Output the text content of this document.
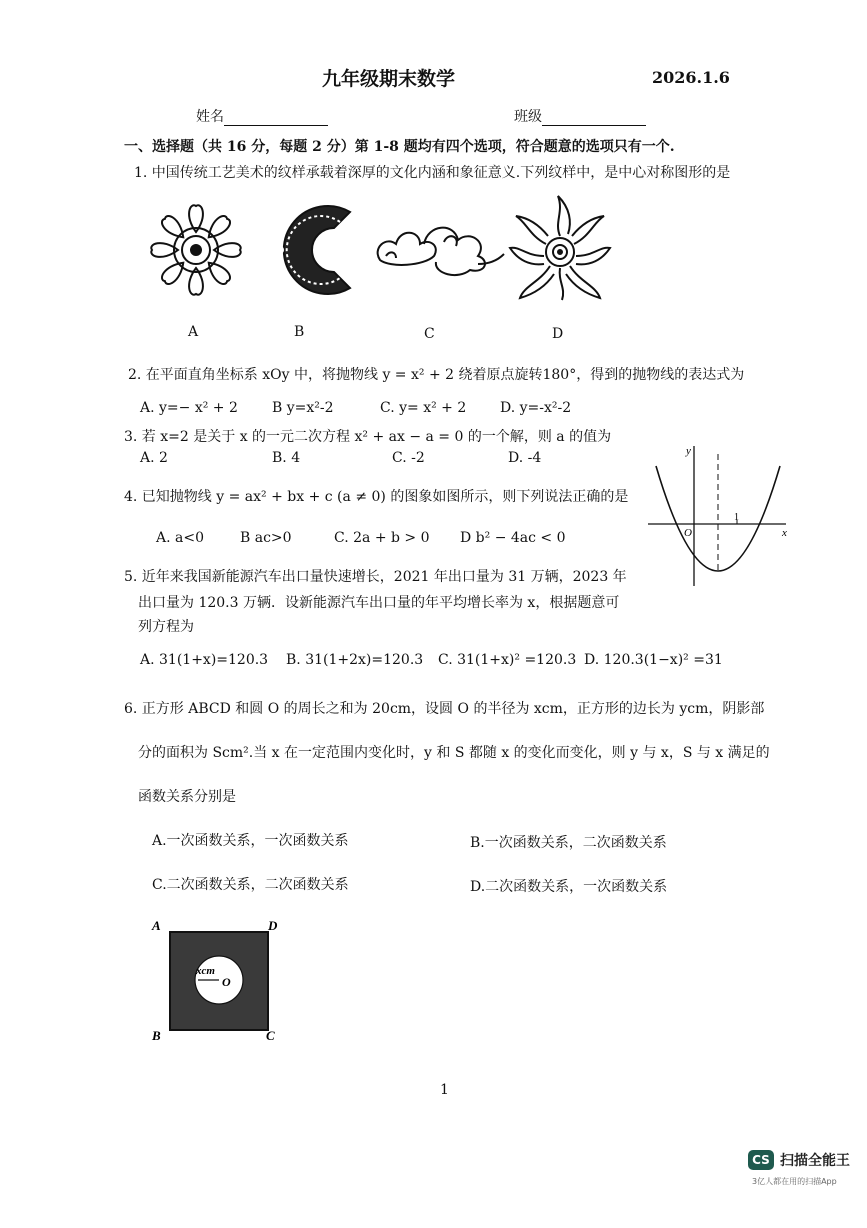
九年级期末数学	2026.1.6
姓名	班级
一、选择题（共 16 分，每题 2 分）第 1-8 题均有四个选项，符合题意的选项只有一个.
1. 中国传统工艺美术的纹样承载着深厚的文化内涵和象征意义.下列纹样中，是中心对称图形的是
A	B	C	D
2. 在平面直角坐标系 xOy 中，将抛物线 y = x² + 2 绕着原点旋转180°，得到的抛物线的表达式为
A. y=− x² + 2 B y=x²-2	C. y= x² + 2 D. y=-x²-2
3. 若 x=2 是关于 x 的一元二次方程 x² + ax − a = 0 的一个解，则 a 的值为
A. 2	B. 4	C. -2	D. -4
4. 已知抛物线 y = ax² + bx + c (a ≠ 0) 的图象如图所示，则下列说法正确的是
A. a<0	B ac>0	C. 2a + b > 0 D b² − 4ac < 0
y
x
O
1
5. 近年来我国新能源汽车出口量快速增长，2021 年出口量为 31 万辆，2023 年
出口量为 120.3 万辆．设新能源汽车出口量的年平均增长率为 x，根据题意可
列方程为
A. 31(1+x)=120.3 B. 31(1+2x)=120.3 C. 31(1+x)² =120.3 D. 120.3(1−x)² =31
6. 正方形 ABCD 和圆 O 的周长之和为 20cm，设圆 O 的半径为 xcm，正方形的边长为 ycm，阴影部
分的面积为 Scm².当 x 在一定范围内变化时，y 和 S 都随 x 的变化而变化，则 y 与 x，S 与 x 满足的
函数关系分别是
A.一次函数关系，一次函数关系	B.一次函数关系，二次函数关系
C.二次函数关系，二次函数关系	D.二次函数关系，一次函数关系
A	D
B	C
xcm
O
1
CS 扫描全能王
3亿人都在用的扫描App
